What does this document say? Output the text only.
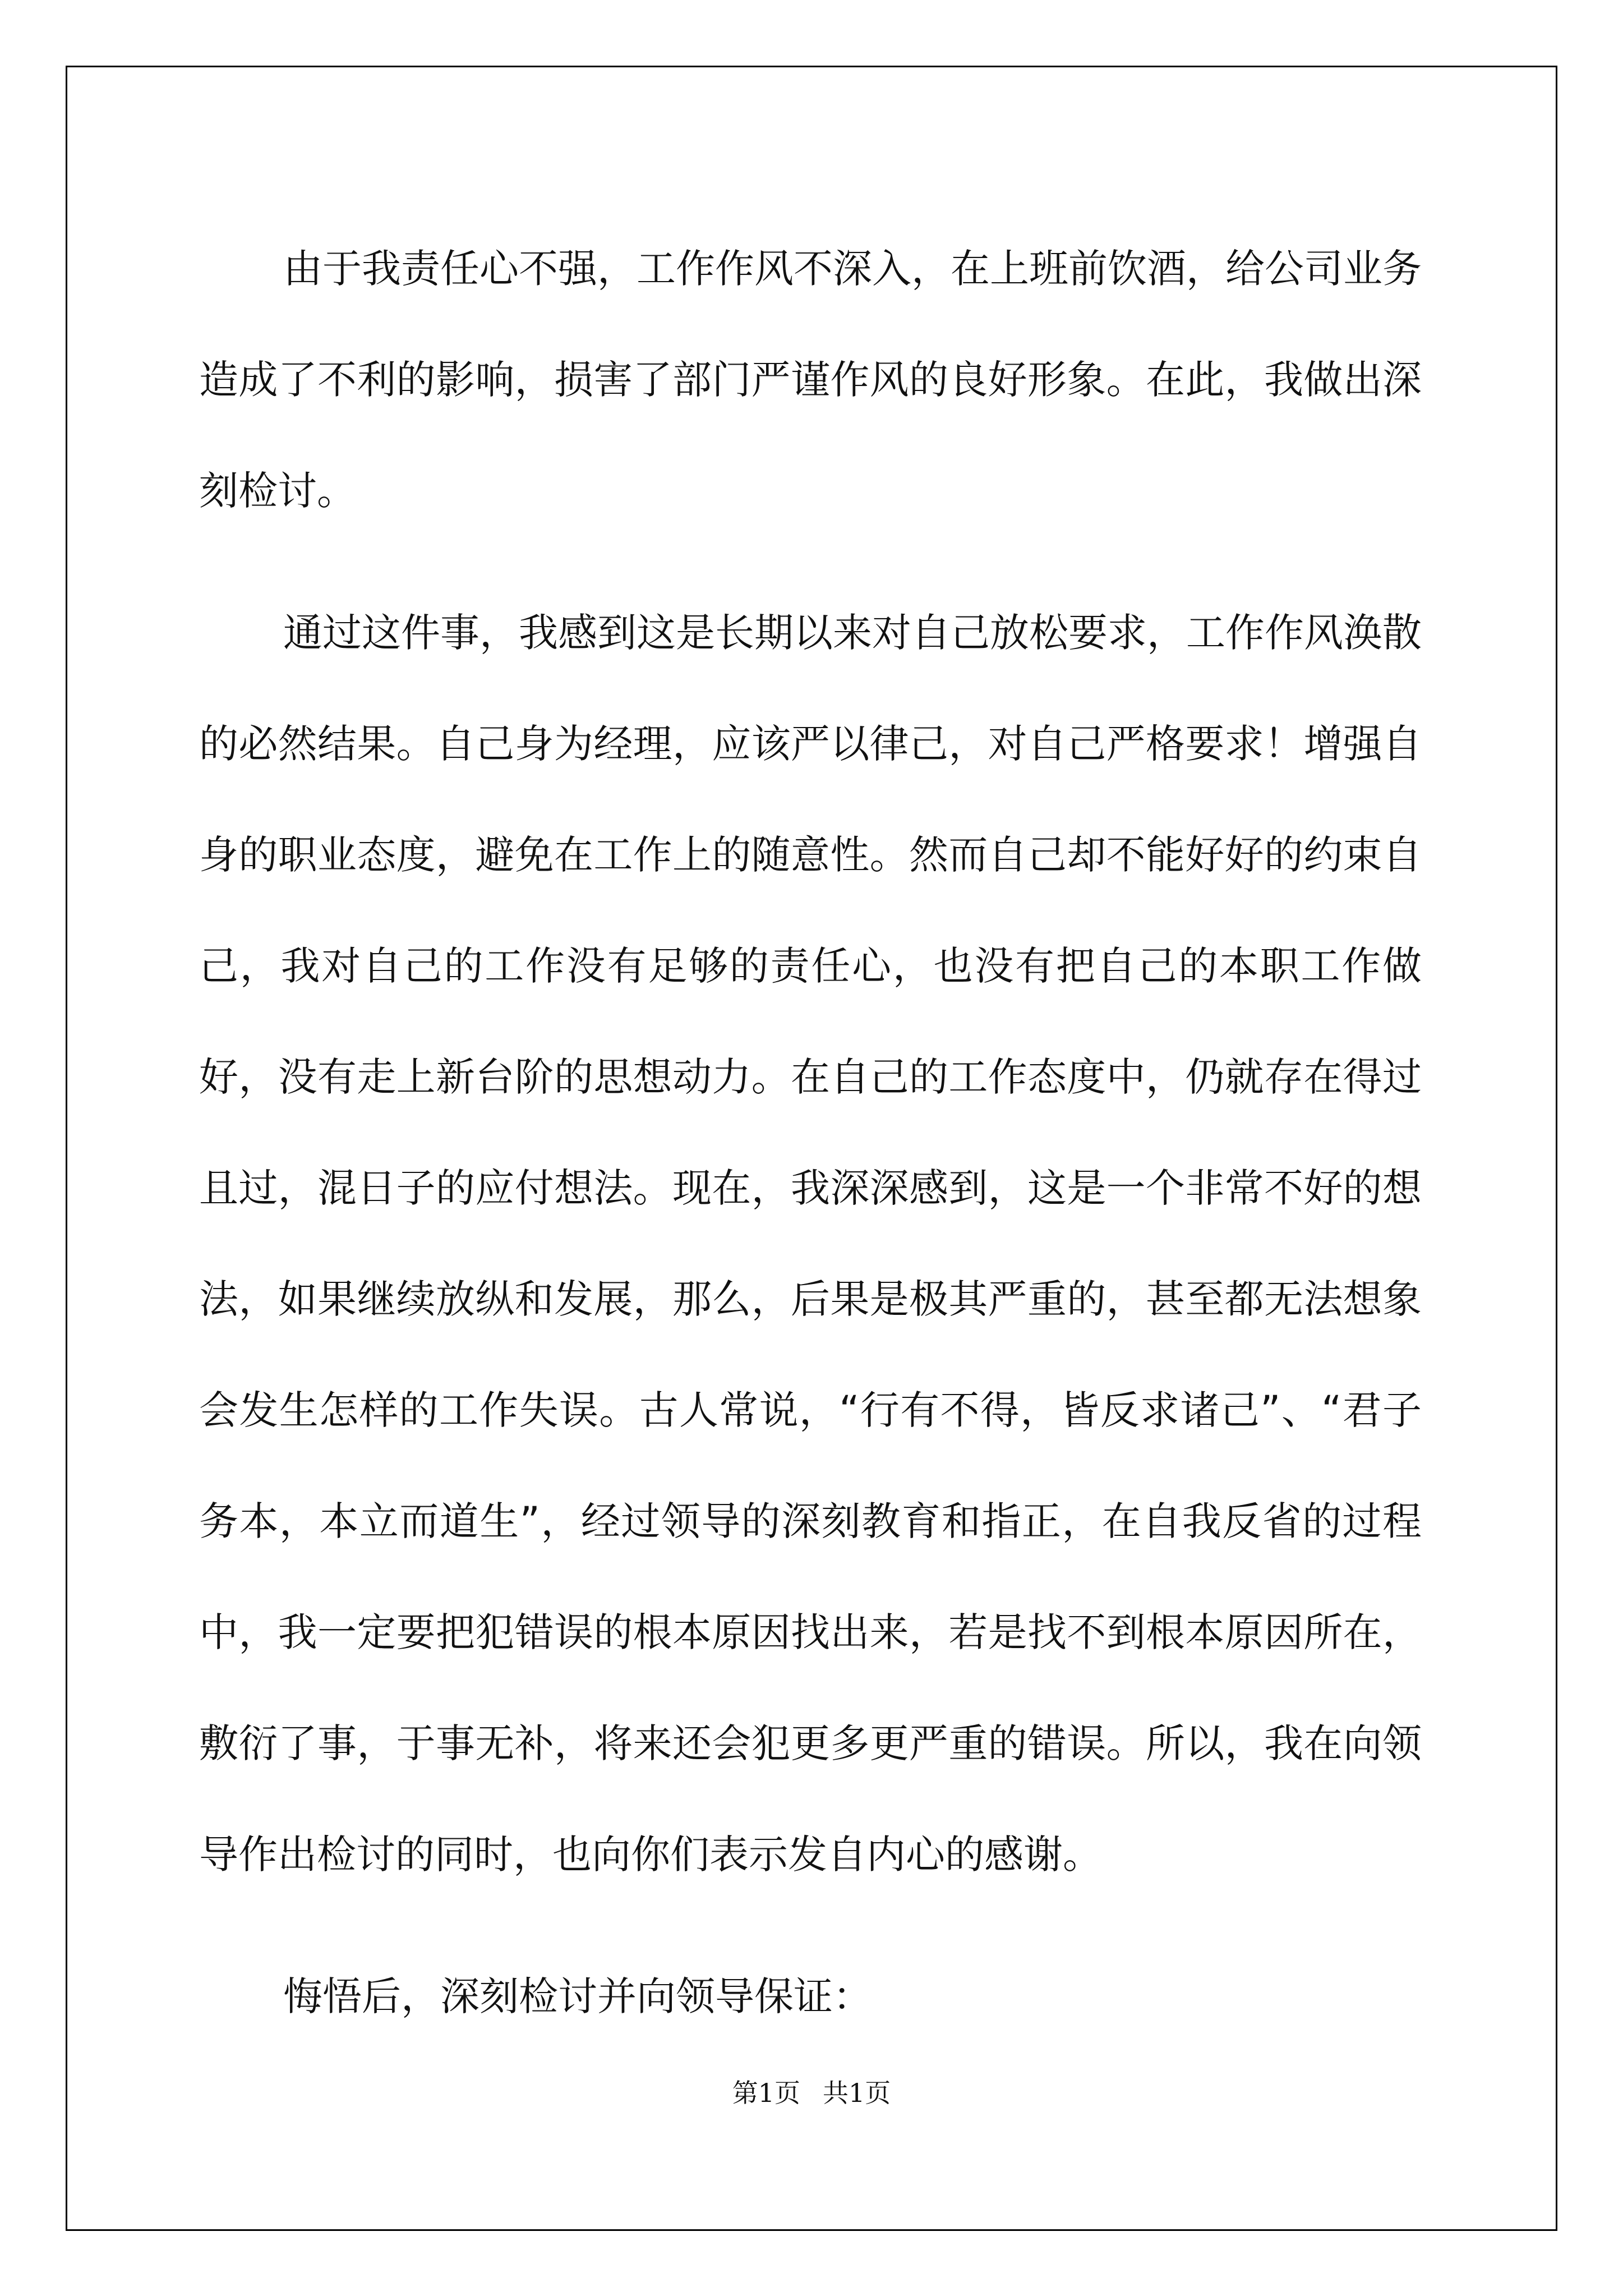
由于我责任心不强，工作作风不深入，在上班前饮酒，给公司业务造成了不利的影响，损害了部门严谨作风的良好形象。在此，我做出深刻检讨。

通过这件事，我感到这是长期以来对自己放松要求，工作作风涣散的必然结果。自己身为经理，应该严以律己，对自己严格要求！增强自身的职业态度，避免在工作上的随意性。然而自己却不能好好的约束自己，我对自己的工作没有足够的责任心，也没有把自己的本职工作做好，没有走上新台阶的思想动力。在自己的工作态度中，仍就存在得过且过，混日子的应付想法。现在，我深深感到，这是一个非常不好的想法，如果继续放纵和发展，那么，后果是极其严重的，甚至都无法想象会发生怎样的工作失误。古人常说，“行有不得，皆反求诸己”、“君子务本，本立而道生”，经过领导的深刻教育和指正，在自我反省的过程中，我一定要把犯错误的根本原因找出来，若是找不到根本原因所在，敷衍了事，于事无补，将来还会犯更多更严重的错误。所以，我在向领导作出检讨的同时，也向你们表示发自内心的感谢。

悔悟后，深刻检讨并向领导保证：

第1页 共1页
